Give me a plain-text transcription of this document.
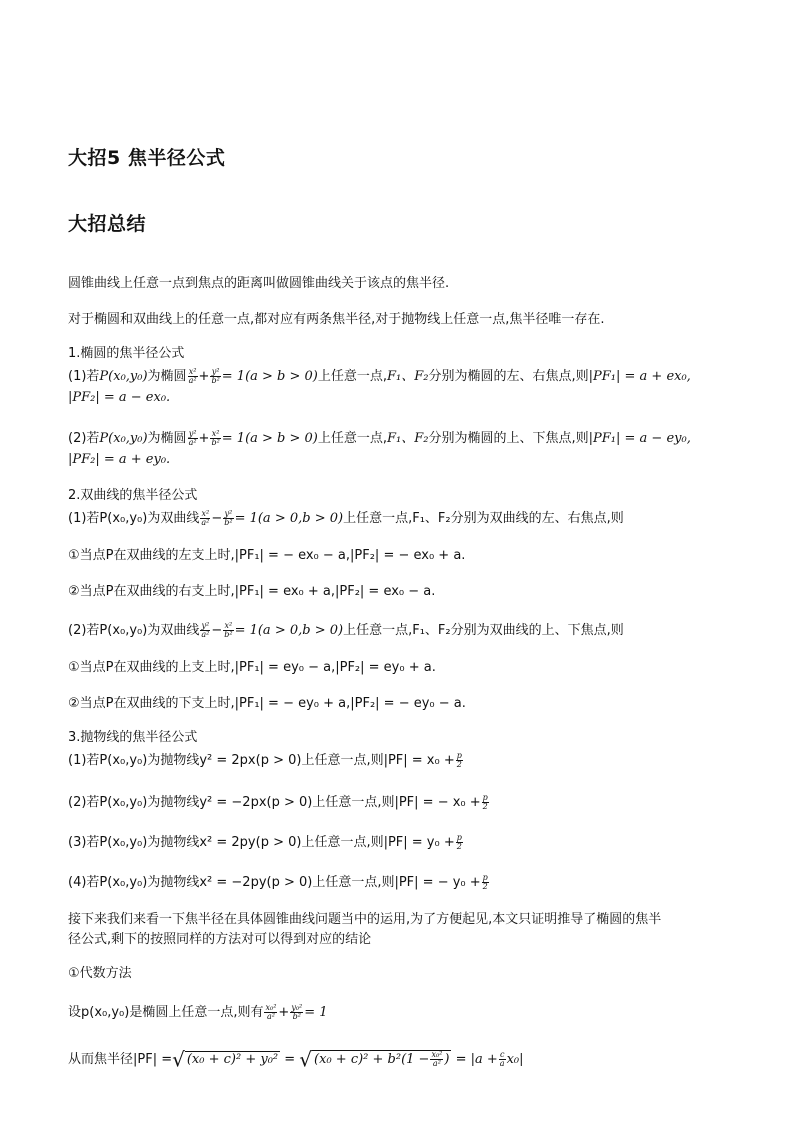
大招5 焦半径公式
大招总结
圆锥曲线上任意一点到焦点的距离叫做圆锥曲线关于该点的焦半径.
对于椭圆和双曲线上的任意一点,都对应有两条焦半径,对于抛物线上任意一点,焦半径唯一存在.
1.椭圆的焦半径公式
(1)若P(x₀,y₀)为椭圆 $\frac{\text{x²}}{\text{a²}} + \frac{\text{y²}}{\text{b²}} = 1(a > b > 0)$上任意一点,F₁、F₂分别为椭圆的左、右焦点,则|PF₁| = a + ex₀,
|PF₂| = a − ex₀.
(2)若P(x₀,y₀)为椭圆 $\frac{\text{y²}}{\text{a²}} + \frac{\text{x²}}{\text{b²}} = 1(a > b > 0)$上任意一点,F₁、F₂分别为椭圆的上、下焦点,则|PF₁| = a − ey₀,
|PF₂| = a + ey₀.
2.双曲线的焦半径公式
(1)若P(x₀,y₀)为双曲线 $\frac{\text{x²}}{\text{a²}} - \frac{\text{y²}}{\text{b²}} = 1(a > 0,b > 0)$上任意一点,F₁、F₂分别为双曲线的左、右焦点,则
①当点P在双曲线的左支上时,|PF₁| = − ex₀ − a,|PF₂| = − ex₀ + a.
②当点P在双曲线的右支上时,|PF₁| = ex₀ + a,|PF₂| = ex₀ − a.
(2)若P(x₀,y₀)为双曲线 $\frac{\text{y²}}{\text{a²}} - \frac{\text{x²}}{\text{b²}} = 1(a > 0,b > 0)$上任意一点,F₁、F₂分别为双曲线的上、下焦点,则
①当点P在双曲线的上支上时,|PF₁| = ey₀ − a,|PF₂| = ey₀ + a.
②当点P在双曲线的下支上时,|PF₁| = − ey₀ + a,|PF₂| = − ey₀ − a.
3.抛物线的焦半径公式
(1)若P(x₀,y₀)为抛物线y² = 2px(p > 0)上任意一点,则$|PF| = x_0 + \frac{p}{2}$
(2)若P(x₀,y₀)为抛物线y² = −2px(p > 0)上任意一点,则|PF| = − $x_0 + \frac{p}{2}$
(3)若P(x₀,y₀)为抛物线x² = 2py(p > 0)上任意一点,则$|PF| = y_0 + \frac{p}{2}$
(4)若P(x₀,y₀)为抛物线x² = −2py(p > 0)上任意一点,则|PF| = − $y_0 + \frac{p}{2}$
接下来我们来看一下焦半径在具体圆锥曲线问题当中的运用,为了方便起见,本文只证明推导了椭圆的焦半
径公式,剩下的按照同样的方法对可以得到对应的结论
①代数方法
设p(x₀,y₀)是椭圆上任意一点,则有 $\frac{\text{x₀²}}{\text{a²}} + \frac{\text{y₀²}}{\text{b²}} = 1$
从而焦半径|PF| =√ (x₀ + c)² + y₀² = √ $(x_0 + c)^2 + b^2(1 - \frac{\text{x₀²}}{\text{a²}}$ ) = $|a + \frac{c}{a} x_0|$
